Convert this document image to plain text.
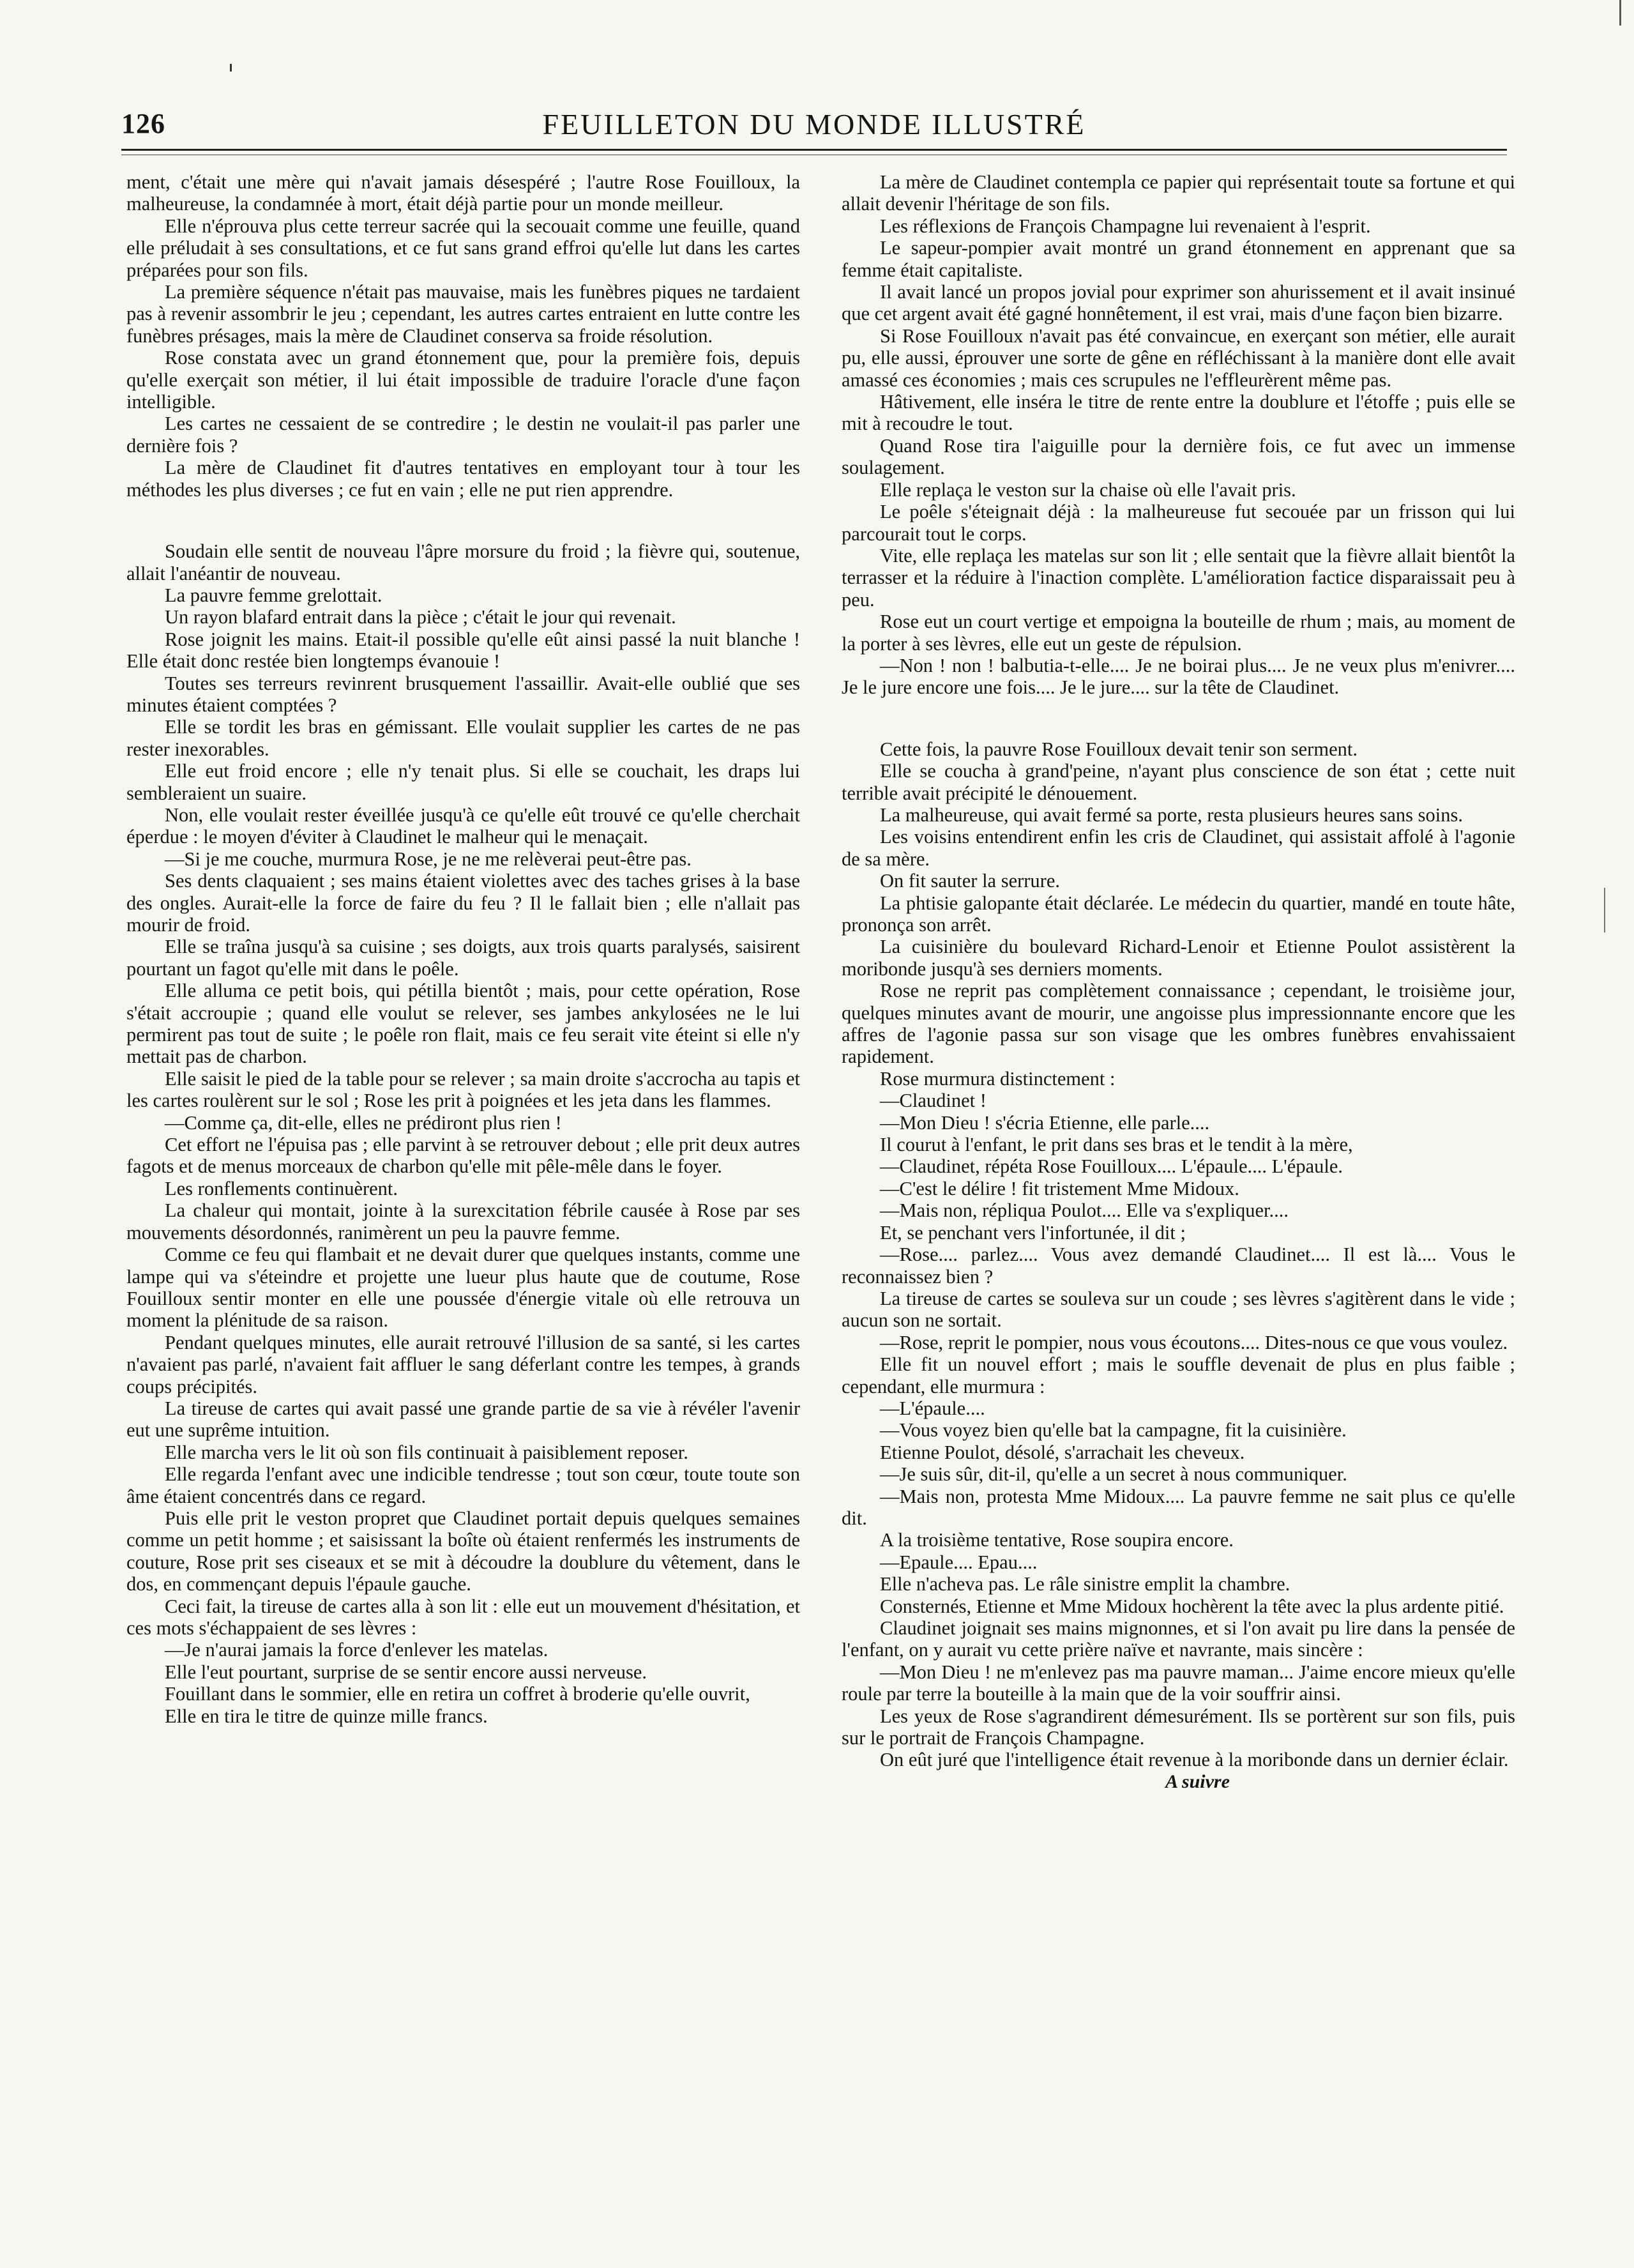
126	FEUILLETON DU MONDE ILLUSTRÉ

ment, c'était une mère qui n'avait jamais désespéré ; l'autre Rose Fouilloux, la malheureuse, la condamnée à mort, était déjà partie pour un monde meilleur.

Elle n'éprouva plus cette terreur sacrée qui la secouait comme une feuille, quand elle préludait à ses consultations, et ce fut sans grand effroi qu'elle lut dans les cartes préparées pour son fils.

La première séquence n'était pas mauvaise, mais les funèbres piques ne tardaient pas à revenir assombrir le jeu ; cependant, les autres cartes entraient en lutte contre les funèbres présages, mais la mère de Claudinet conserva sa froide résolution.

Rose constata avec un grand étonnement que, pour la première fois, depuis qu'elle exerçait son métier, il lui était impossible de traduire l'oracle d'une façon intelligible.

Les cartes ne cessaient de se contredire ; le destin ne voulait-il pas parler une dernière fois ?

La mère de Claudinet fit d'autres tentatives en employant tour à tour les méthodes les plus diverses ; ce fut en vain ; elle ne put rien apprendre.

Soudain elle sentit de nouveau l'âpre morsure du froid ; la fièvre qui, soutenue, allait l'anéantir de nouveau.

La pauvre femme grelottait.

Un rayon blafard entrait dans la pièce ; c'était le jour qui revenait.

Rose joignit les mains. Etait-il possible qu'elle eût ainsi passé la nuit blanche ! Elle était donc restée bien longtemps évanouie !

Toutes ses terreurs revinrent brusquement l'assaillir. Avait-elle oublié que ses minutes étaient comptées ?

Elle se tordit les bras en gémissant. Elle voulait supplier les cartes de ne pas rester inexorables.

Elle eut froid encore ; elle n'y tenait plus. Si elle se couchait, les draps lui sembleraient un suaire.

Non, elle voulait rester éveillée jusqu'à ce qu'elle eût trouvé ce qu'elle cherchait éperdue : le moyen d'éviter à Claudinet le malheur qui le menaçait.

—Si je me couche, murmura Rose, je ne me relèverai peut-être pas.

Ses dents claquaient ; ses mains étaient violettes avec des taches grises à la base des ongles. Aurait-elle la force de faire du feu ? Il le fallait bien ; elle n'allait pas mourir de froid.

Elle se traîna jusqu'à sa cuisine ; ses doigts, aux trois quarts paralysés, saisirent pourtant un fagot qu'elle mit dans le poêle.

Elle alluma ce petit bois, qui pétilla bientôt ; mais, pour cette opération, Rose s'était accroupie ; quand elle voulut se relever, ses jambes ankylosées ne le lui permirent pas tout de suite ; le poêle ron flait, mais ce feu serait vite éteint si elle n'y mettait pas de charbon.

Elle saisit le pied de la table pour se relever ; sa main droite s'accrocha au tapis et les cartes roulèrent sur le sol ; Rose les prit à poignées et les jeta dans les flammes.

—Comme ça, dit-elle, elles ne prédiront plus rien !

Cet effort ne l'épuisa pas ; elle parvint à se retrouver debout ; elle prit deux autres fagots et de menus morceaux de charbon qu'elle mit pêle-mêle dans le foyer.

Les ronflements continuèrent.

La chaleur qui montait, jointe à la surexcitation fébrile causée à Rose par ses mouvements désordonnés, ranimèrent un peu la pauvre femme.

Comme ce feu qui flambait et ne devait durer que quelques instants, comme une lampe qui va s'éteindre et projette une lueur plus haute que de coutume, Rose Fouilloux sentir monter en elle une poussée d'énergie vitale où elle retrouva un moment la plénitude de sa raison.

Pendant quelques minutes, elle aurait retrouvé l'illusion de sa santé, si les cartes n'avaient pas parlé, n'avaient fait affluer le sang déferlant contre les tempes, à grands coups précipités.

La tireuse de cartes qui avait passé une grande partie de sa vie à révéler l'avenir eut une suprême intuition.

Elle marcha vers le lit où son fils continuait à paisiblement reposer.

Elle regarda l'enfant avec une indicible tendresse ; tout son cœur, toute toute son âme étaient concentrés dans ce regard.

Puis elle prit le veston propret que Claudinet portait depuis quelques semaines comme un petit homme ; et saisissant la boîte où étaient renfermés les instruments de couture, Rose prit ses ciseaux et se mit à découdre la doublure du vêtement, dans le dos, en commençant depuis l'épaule gauche.

Ceci fait, la tireuse de cartes alla à son lit : elle eut un mouvement d'hésitation, et ces mots s'échappaient de ses lèvres :

—Je n'aurai jamais la force d'enlever les matelas.

Elle l'eut pourtant, surprise de se sentir encore aussi nerveuse.

Fouillant dans le sommier, elle en retira un coffret à broderie qu'elle ouvrit,

Elle en tira le titre de quinze mille francs.

La mère de Claudinet contempla ce papier qui représentait toute sa fortune et qui allait devenir l'héritage de son fils.

Les réflexions de François Champagne lui revenaient à l'esprit.

Le sapeur-pompier avait montré un grand étonnement en apprenant que sa femme était capitaliste.

Il avait lancé un propos jovial pour exprimer son ahurissement et il avait insinué que cet argent avait été gagné honnêtement, il est vrai, mais d'une façon bien bizarre.

Si Rose Fouilloux n'avait pas été convaincue, en exerçant son métier, elle aurait pu, elle aussi, éprouver une sorte de gêne en réfléchissant à la manière dont elle avait amassé ces économies ; mais ces scrupules ne l'effleurèrent même pas.

Hâtivement, elle inséra le titre de rente entre la doublure et l'étoffe ; puis elle se mit à recoudre le tout.

Quand Rose tira l'aiguille pour la dernière fois, ce fut avec un immense soulagement.

Elle replaça le veston sur la chaise où elle l'avait pris.

Le poêle s'éteignait déjà : la malheureuse fut secouée par un frisson qui lui parcourait tout le corps.

Vite, elle replaça les matelas sur son lit ; elle sentait que la fièvre allait bientôt la terrasser et la réduire à l'inaction complète. L'amélioration factice disparaissait peu à peu.

Rose eut un court vertige et empoigna la bouteille de rhum ; mais, au moment de la porter à ses lèvres, elle eut un geste de répulsion.

—Non ! non ! balbutia-t-elle.... Je ne boirai plus.... Je ne veux plus m'enivrer.... Je le jure encore une fois.... Je le jure.... sur la tête de Claudinet.

Cette fois, la pauvre Rose Fouilloux devait tenir son serment.

Elle se coucha à grand'peine, n'ayant plus conscience de son état ; cette nuit terrible avait précipité le dénouement.

La malheureuse, qui avait fermé sa porte, resta plusieurs heures sans soins.

Les voisins entendirent enfin les cris de Claudinet, qui assistait affolé à l'agonie de sa mère.

On fit sauter la serrure.

La phtisie galopante était déclarée. Le médecin du quartier, mandé en toute hâte, prononça son arrêt.

La cuisinière du boulevard Richard-Lenoir et Etienne Poulot assistèrent la moribonde jusqu'à ses derniers moments.

Rose ne reprit pas complètement connaissance ; cependant, le troisième jour, quelques minutes avant de mourir, une angoisse plus impressionnante encore que les affres de l'agonie passa sur son visage que les ombres funèbres envahissaient rapidement.

Rose murmura distinctement :

—Claudinet !

—Mon Dieu ! s'écria Etienne, elle parle....

Il courut à l'enfant, le prit dans ses bras et le tendit à la mère,

—Claudinet, répéta Rose Fouilloux.... L'épaule.... L'épaule.

—C'est le délire ! fit tristement Mme Midoux.

—Mais non, répliqua Poulot.... Elle va s'expliquer....

Et, se penchant vers l'infortunée, il dit ;

—Rose.... parlez.... Vous avez demandé Claudinet.... Il est là.... Vous le reconnaissez bien ?

La tireuse de cartes se souleva sur un coude ; ses lèvres s'agitèrent dans le vide ; aucun son ne sortait.

—Rose, reprit le pompier, nous vous écoutons.... Dites-nous ce que vous voulez.

Elle fit un nouvel effort ; mais le souffle devenait de plus en plus faible ; cependant, elle murmura :

—L'épaule....

—Vous voyez bien qu'elle bat la campagne, fit la cuisinière.

Etienne Poulot, désolé, s'arrachait les cheveux.

—Je suis sûr, dit-il, qu'elle a un secret à nous communiquer.

—Mais non, protesta Mme Midoux.... La pauvre femme ne sait plus ce qu'elle dit.

A la troisième tentative, Rose soupira encore.

—Epaule.... Epau....

Elle n'acheva pas. Le râle sinistre emplit la chambre.

Consternés, Etienne et Mme Midoux hochèrent la tête avec la plus ardente pitié.

Claudinet joignait ses mains mignonnes, et si l'on avait pu lire dans la pensée de l'enfant, on y aurait vu cette prière naïve et navrante, mais sincère :

—Mon Dieu ! ne m'enlevez pas ma pauvre maman... J'aime encore mieux qu'elle roule par terre la bouteille à la main que de la voir souffrir ainsi.

Les yeux de Rose s'agrandirent démesurément. Ils se portèrent sur son fils, puis sur le portrait de François Champagne.

On eût juré que l'intelligence était revenue à la moribonde dans un dernier éclair.

A suivre
